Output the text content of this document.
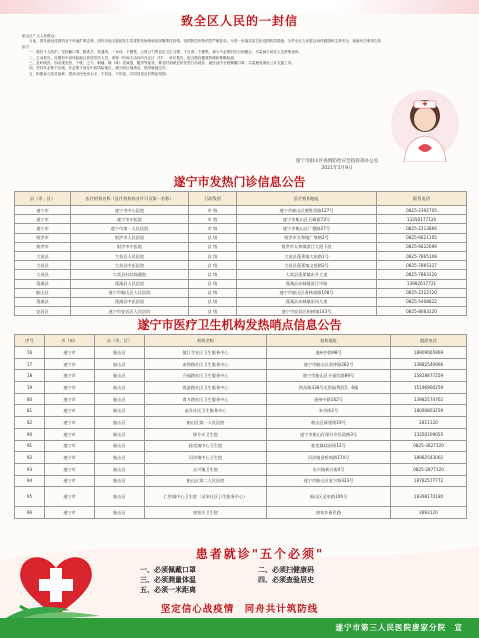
致全区人民的一封信

船山区广大人民群众：

当前，国外新冠疫情仍处于快速扩散态势，国内多地又陆续发生零星散发病例和局部聚集性疫情。疫情防控形势依然严峻复杂。为进一步落实常态化疫情防控措施，守护全区人民群众身体健康和生命安全，现就有关事项告知如下：

一、做好个人防护。坚持戴口罩、勤洗手、常通风、一米线、不聚集、公筷公勺等良好卫生习惯，不扎堆、不聚集，减少不必要的出行和聚会，尽量减少前往人员密集场所。

二、主动报告。近期有中高风险地区旅居史的人员，请第一时间主动向所在社区（村）、单位报告，配合做好健康管理和核酸检测。

三、及时就医。如出现发热、干咳、乏力、咽痛、嗅（味）觉减退、腹泻等症状，要及时到就近的发热门诊就诊，就医途中全程佩戴口罩，尽量避免乘坐公共交通工具。

四、坚持非必要不出境、非必要不前往中高风险地区，减少跨区域流动，倡导就地过年。

五、积极参与疫苗接种，提高全民免疫水平。不信谣、不传谣，共同营造良好舆论氛围。

遂宁市船山区疫情防控应急指挥部办公室
2021年1月9日
遂宁市发热门诊信息公告
县（市、区）	医疗机构名称（医疗机构执业许可证第一名称）	行政级别	医疗机构地址	联系电话
遂宁市	遂宁市中心医院	市 级	遂宁市船山区德胜西路127号	0825-2392705
遂宁市	遂宁市中医院	市 级	遂宁市船山区天峰街73号	13350177120
遂宁市	遂宁市第一人民医院	市 级	遂宁市船山区广德路27号	0825-2213866
射洪市	射洪市人民医院	县 级	射洪市太和镇广寒路2号	0825-6621105
射洪市	射洪市中医院	县 级	射洪市太和镇滨江大道下段	0825-6622699
大英县	大英县人民医院	县 级	大英县蓬莱镇大英路1号	0825-7865108
大英县	大英县中医医院	县 级	大英县蓬莱镇文苑路3号	0825-7865327
大英县	大英县妇幼保健院	县 级	大英县蓬莱镇东升大道	0825-7863120
蓬溪县	蓬溪县人民医院	县 级	蓬溪县赤城镇滨江中路	13982617721
船山区	遂宁市船山区人民医院	县 级	遂宁市船山区香林南路108号	0825-2222120
蓬溪县	蓬溪县中医医院	县 级	蓬溪县赤城镇东风大道	0825-5408822
安居区	遂宁市安居区人民医院	县 级	遂宁市安居区柏树镇143号	0825-8663120
遂宁市医疗卫生机构发热哨点信息公告
序号	市（州）	县（市、区）	机构名称	机构地址	值班电话
16	遂宁市	船山区	镇江寺社区卫生服务中心	遂州中路98号	18909065969
17	遂宁市	船山区	南津路社区卫生服务中心	遂宁市船山区南津路282号	13882540966
18	遂宁市	船山区	介福路社区卫生服务中心	遂宁市船山区介福西路89号	15828877259
19	遂宁市	船山区	凯旋路社区卫生服务中心	凯东路338号光彩福利院5、6楼	15196900259
80	遂宁市	船山区	育才路社区卫生服务中心	遂州中路162号	13982574762
81	遂宁市	船山区	高升社区卫生服务中心	米市街2号	18090803259
82	遂宁市	船山区	船山区第一人民医院	船山区新建街19号	2811120
90	遂宁市	船山区	保升乡卫生院	遂宁市船山区保升乡民政路3号	13350209055
91	遂宁市	船山区	桂花镇中心卫生院	桂花镇政府街12号	0825-3827120
92	遂宁市	船山区	河沙镇中心卫生院	河沙镇金桥南路174号	18982543002
93	遂宁市	船山区	永兴镇卫生院	永兴镇新兴街4号	0825-2877120
94	遂宁市	船山区	船山区第二人民医院	遂宁市船山区复兴路323号	18782577772
95	遂宁市	船山区	仁里镇中心卫生院（灵泉社区卫生服务中心）	船山区灵泉路106号	18398170180
96	遂宁市	船山区	唐家乡卫生院	唐家乡新民路	2893120
患者就诊"五个必须"
一、必须佩戴口罩	二、必须扫健康码 三、必须测量体温	四、必须查验居史 五、必须一米距离
坚定信心战疫情　同舟共计筑防线
遂宁市第三人民医院唐家分院　宣
